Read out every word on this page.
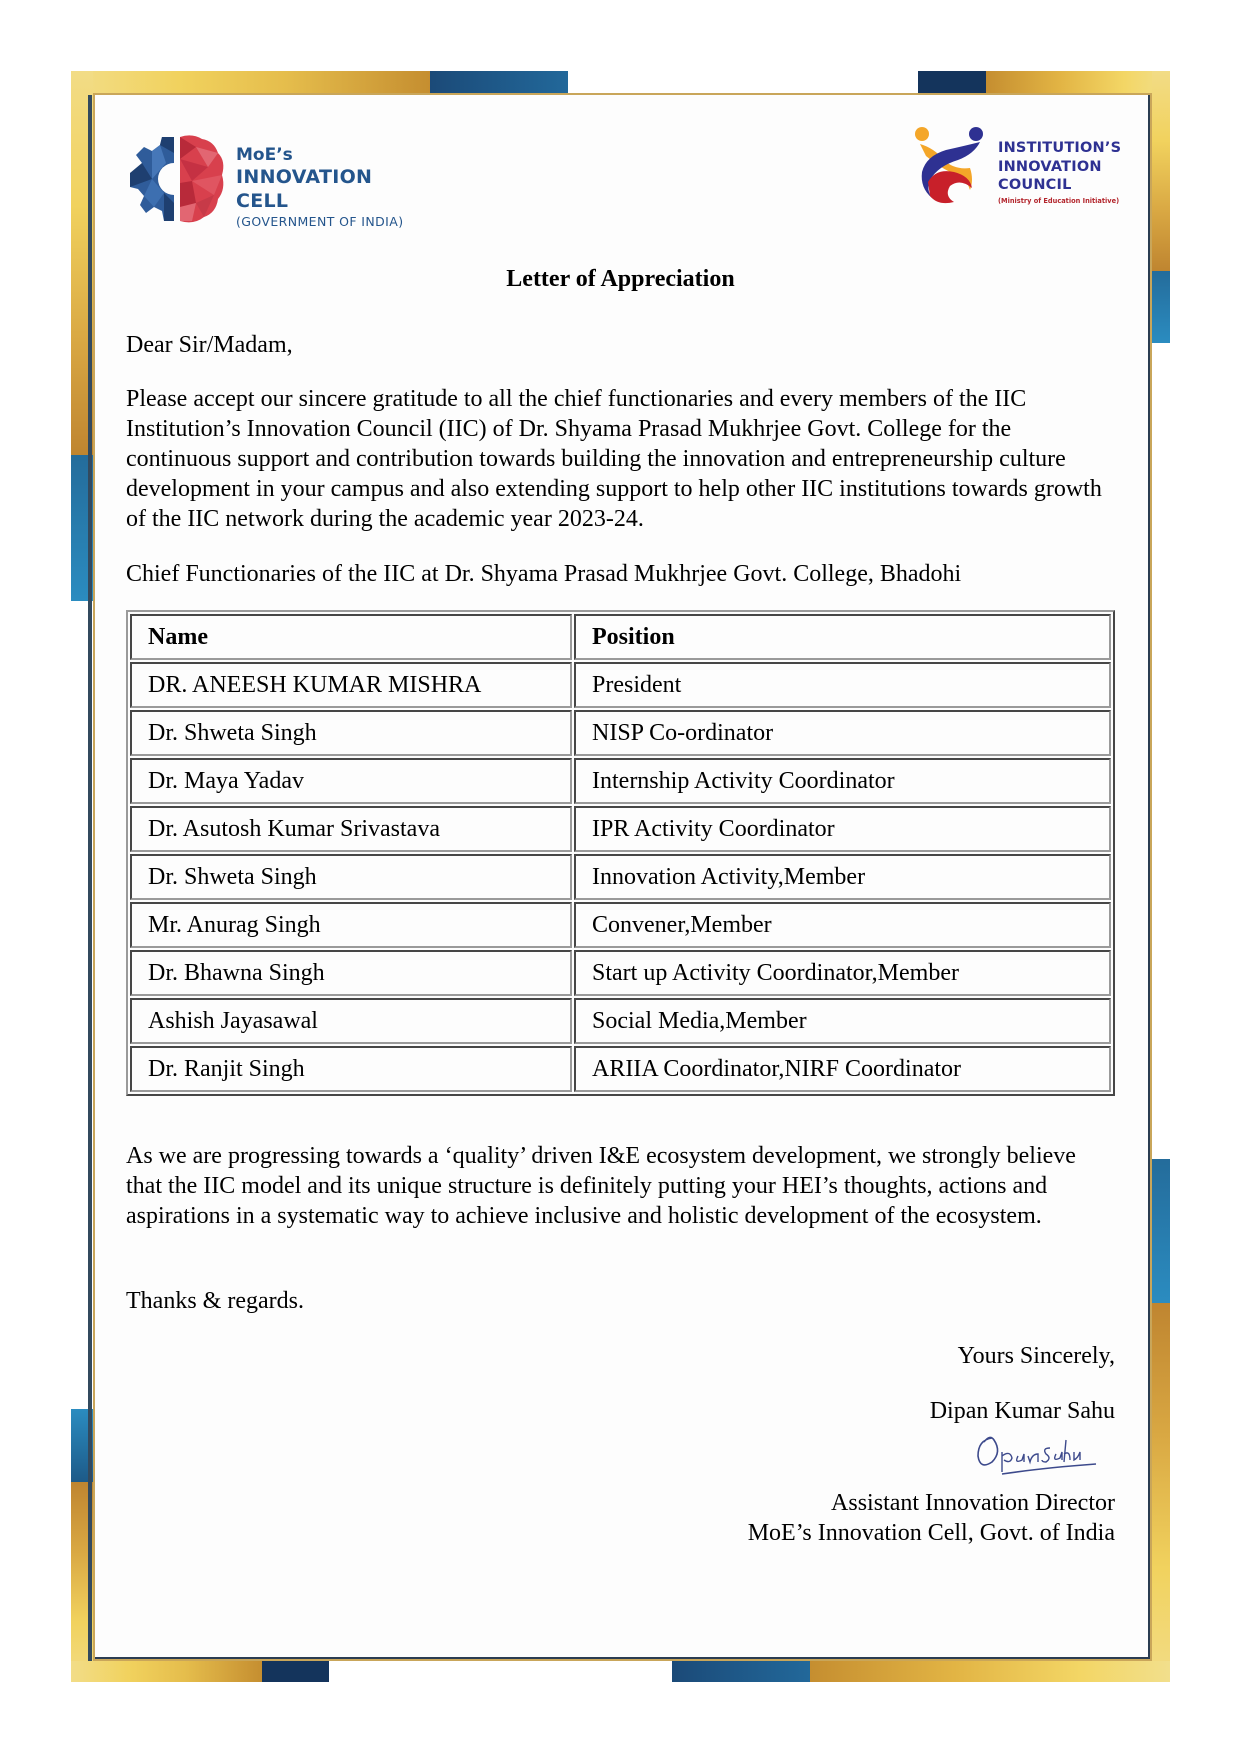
MoE’s
INNOVATION CELL
(GOVERNMENT OF INDIA)
INSTITUTION’S
INNOVATION
COUNCIL
(Ministry of Education Initiative)
Letter of Appreciation
Dear Sir/Madam,
Please accept our sincere gratitude to all the chief functionaries and every members of the IIC Institution’s Innovation Council (IIC) of Dr. Shyama Prasad Mukhrjee Govt. College for the continuous support and contribution towards building the innovation and entrepreneurship culture development in your campus and also extending support to help other IIC institutions towards growth of the IIC network during the academic year 2023-24.
Chief Functionaries of the IIC at Dr. Shyama Prasad Mukhrjee Govt. College, Bhadohi
Name	Position
DR. ANEESH KUMAR MISHRA	President
Dr. Shweta Singh	NISP Co-ordinator
Dr. Maya Yadav	Internship Activity Coordinator
Dr. Asutosh Kumar Srivastava	IPR Activity Coordinator
Dr. Shweta Singh	Innovation Activity,Member
Mr. Anurag Singh	Convener,Member
Dr. Bhawna Singh	Start up Activity Coordinator,Member
Ashish Jayasawal	Social Media,Member
Dr. Ranjit Singh	ARIIA Coordinator,NIRF Coordinator
As we are progressing towards a ‘quality’ driven I&E ecosystem development, we strongly believe that the IIC model and its unique structure is definitely putting your HEI’s thoughts, actions and aspirations in a systematic way to achieve inclusive and holistic development of the ecosystem.
Thanks & regards.
Yours Sincerely,
Dipan Kumar Sahu
Assistant Innovation Director
MoE’s Innovation Cell, Govt. of India
